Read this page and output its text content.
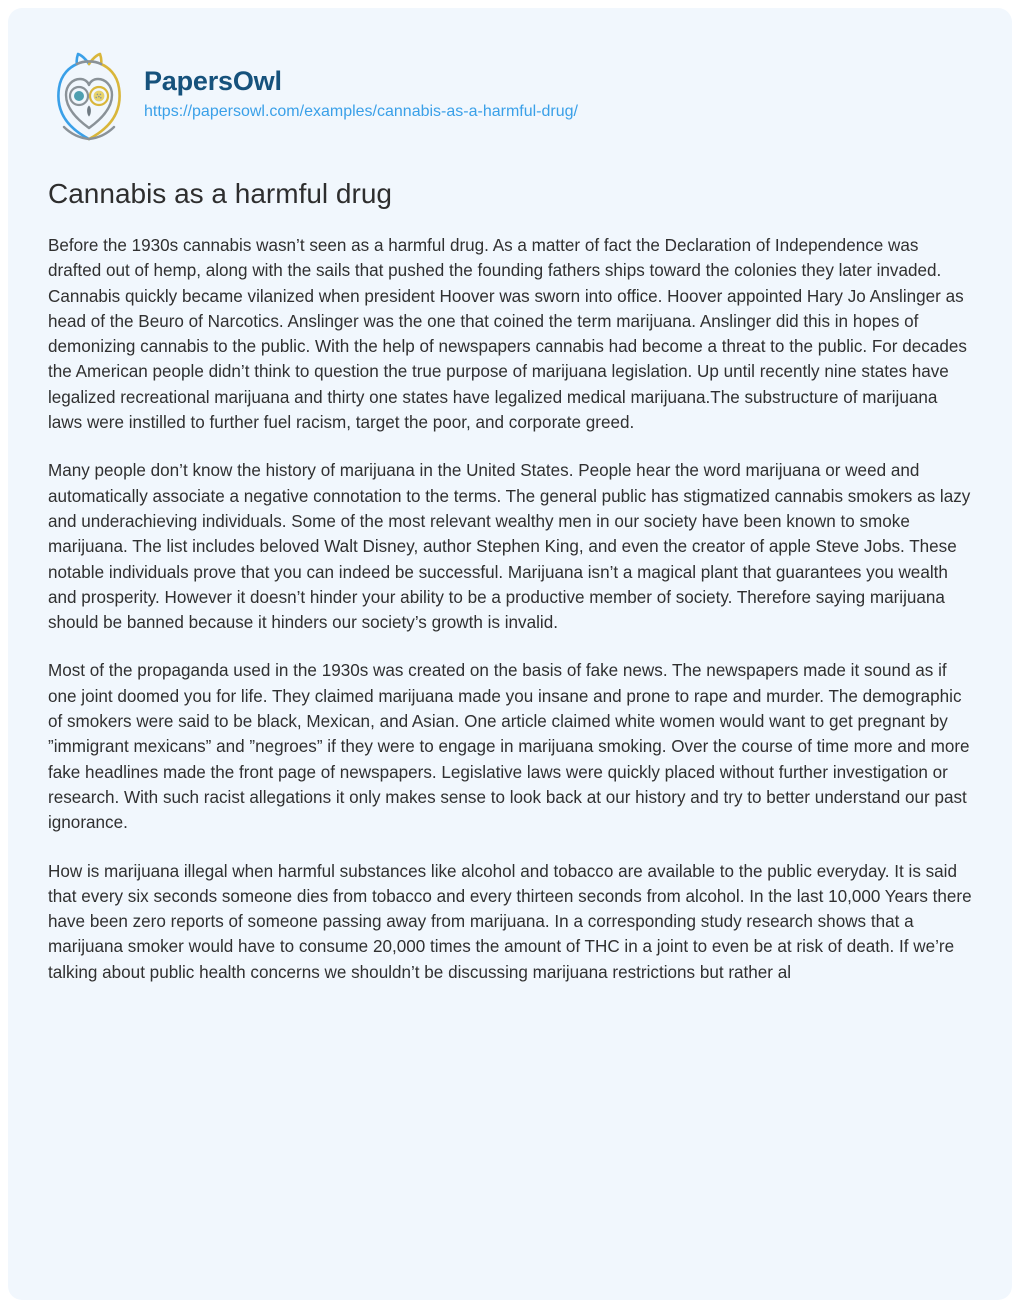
PapersOwl
https://papersowl.com/examples/cannabis-as-a-harmful-drug/
Cannabis as a harmful drug

Before the 1930s cannabis wasn’t seen as a harmful drug. As a matter of fact the Declaration of Independence was drafted out of hemp, along with the sails that pushed the founding fathers ships toward the colonies they later invaded. Cannabis quickly became vilanized when president Hoover was sworn into office. Hoover appointed Hary Jo Anslinger as head of the Beuro of Narcotics. Anslinger was the one that coined the term marijuana. Anslinger did this in hopes of demonizing cannabis to the public. With the help of newspapers cannabis had become a threat to the public. For decades the American people didn’t think to question the true purpose of marijuana legislation. Up until recently nine states have legalized recreational marijuana and thirty one states have legalized medical marijuana.The substructure of marijuana laws were instilled to further fuel racism, target the poor, and corporate greed.

Many people don’t know the history of marijuana in the United States. People hear the word marijuana or weed and automatically associate a negative connotation to the terms. The general public has stigmatized cannabis smokers as lazy and underachieving individuals. Some of the most relevant wealthy men in our society have been known to smoke marijuana. The list includes beloved Walt Disney, author Stephen King, and even the creator of apple Steve Jobs. These notable individuals prove that you can indeed be successful. Marijuana isn’t a magical plant that guarantees you wealth and prosperity. However it doesn’t hinder your ability to be a productive member of society. Therefore saying marijuana should be banned because it hinders our society’s growth is invalid.

Most of the propaganda used in the 1930s was created on the basis of fake news. The newspapers made it sound as if one joint doomed you for life. They claimed marijuana made you insane and prone to rape and murder. The demographic of smokers were said to be black, Mexican, and Asian. One article claimed white women would want to get pregnant by ”immigrant mexicans” and ”negroes” if they were to engage in marijuana smoking. Over the course of time more and more fake headlines made the front page of newspapers. Legislative laws were quickly placed without further investigation or research. With such racist allegations it only makes sense to look back at our history and try to better understand our past ignorance.

How is marijuana illegal when harmful substances like alcohol and tobacco are available to the public everyday. It is said that every six seconds someone dies from tobacco and every thirteen seconds from alcohol. In the last 10,000 Years there have been zero reports of someone passing away from marijuana. In a corresponding study research shows that a marijuana smoker would have to consume 20,000 times the amount of THC in a joint to even be at risk of death. If we’re talking about public health concerns we shouldn’t be discussing marijuana restrictions but rather al
